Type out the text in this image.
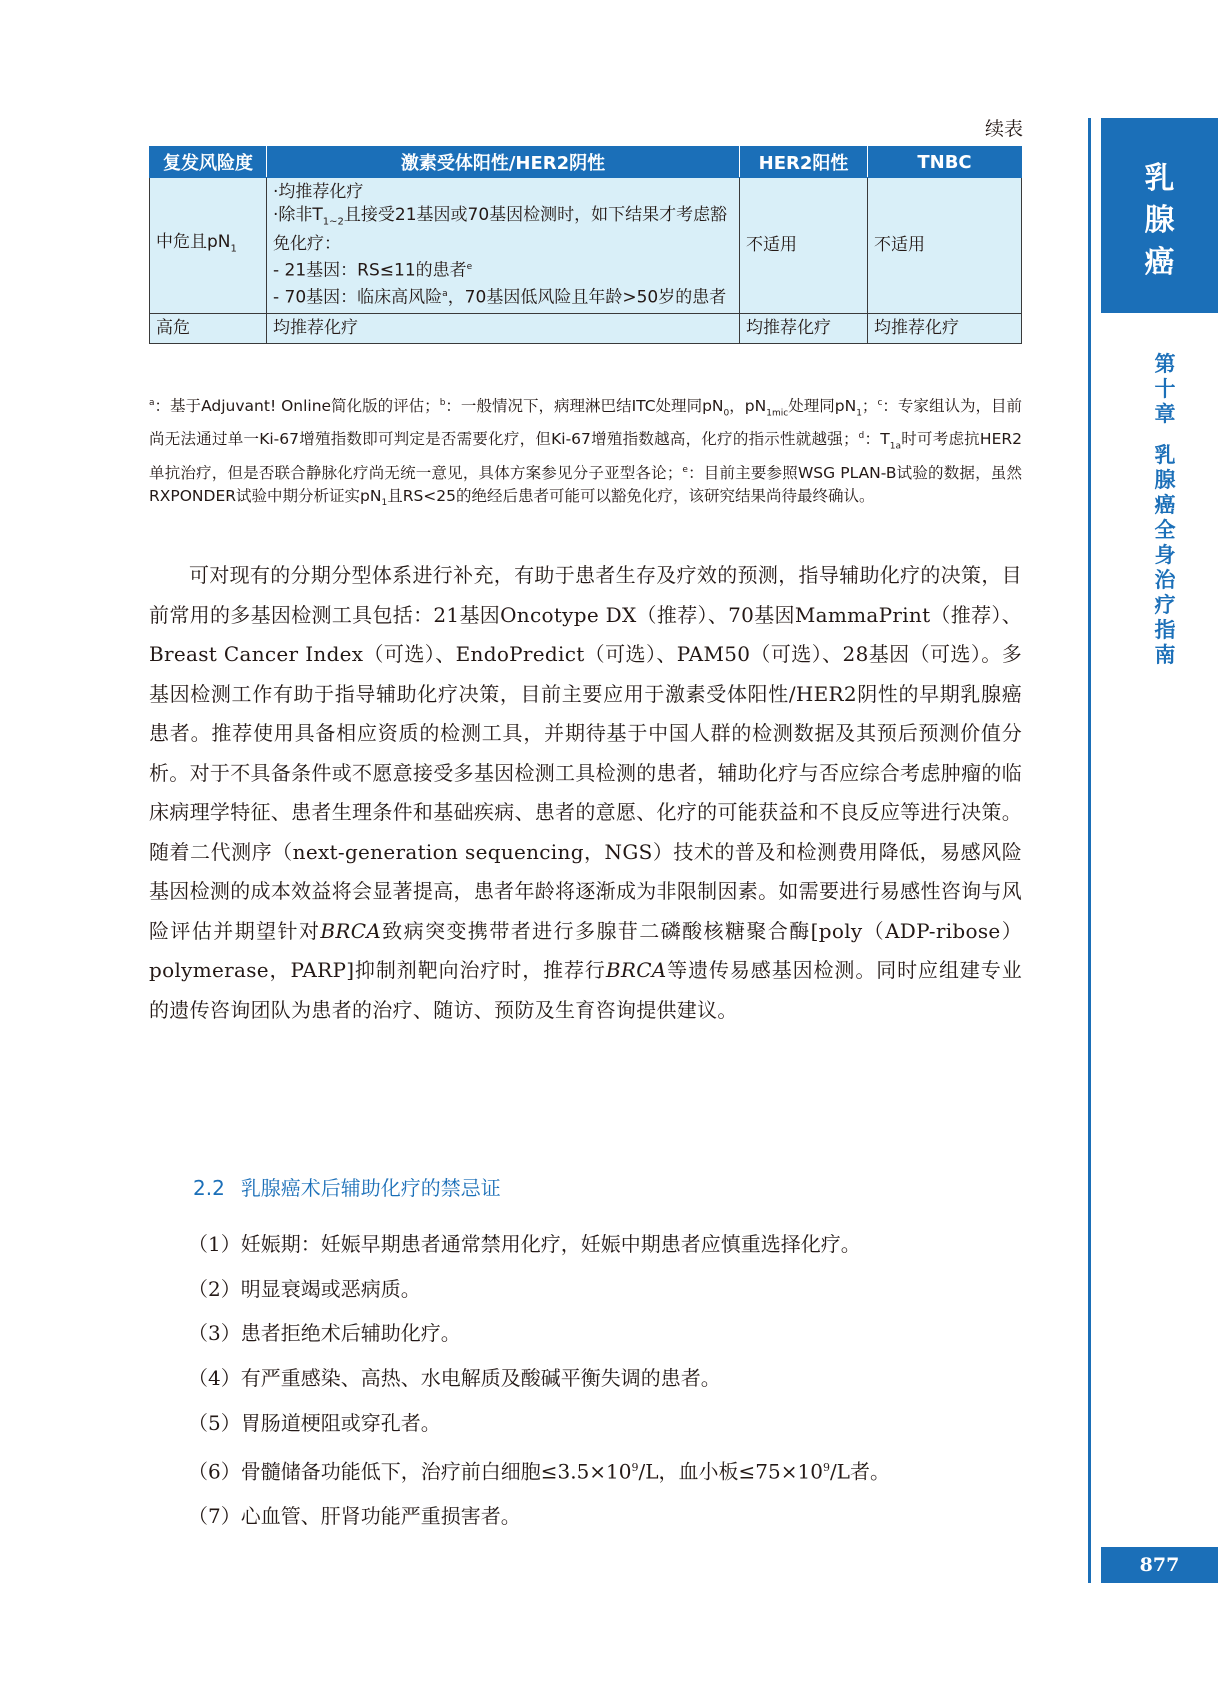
乳
腺
癌
第
十
章
乳
腺
癌
全
身
治
疗
指
南
877
续表
复发风险度	激素受体阳性/HER2阴性	HER2阳性	TNBC
中危且$pN_1$	·均推荐化疗
·除非$T_{1\sim 2}$且接受21基因或70基因检测时，如下结果才考虑豁免化疗：
- 21基因：RS≤11的患者$^e$
- 70基因：临床高风险$^a$，70基因低风险且年龄>50岁的患者	不适用	不适用
高危	均推荐化疗	均推荐化疗	均推荐化疗
$^a$：基于Adjuvant! Online简化版的评估；$^b$：一般情况下，病理淋巴结ITC处理同$pN_0$，$pN_{1mic}$处理同$pN_1$；$^c$：专家组认为，目前尚无法通过单一Ki-67增殖指数即可判定是否需要化疗，但Ki-67增殖指数越高，化疗的指示性就越强；$^d$：$T_{1a}$时可考虑抗HER2单抗治疗，但是否联合静脉化疗尚无统一意见，具体方案参见分子亚型各论；$^e$：目前主要参照WSG PLAN-B试验的数据，虽然RXPONDER试验中期分析证实$pN_1$且RS<25的绝经后患者可能可以豁免化疗，该研究结果尚待最终确认。

可对现有的分期分型体系进行补充，有助于患者生存及疗效的预测，指导辅助化疗的决策，目前常用的多基因检测工具包括：21基因Oncotype DX（推荐）、70基因MammaPrint（推荐）、Breast Cancer Index（可选）、EndoPredict（可选）、PAM50（可选）、28基因（可选）。多基因检测工作有助于指导辅助化疗决策，目前主要应用于激素受体阳性/HER2阴性的早期乳腺癌患者。推荐使用具备相应资质的检测工具，并期待基于中国人群的检测数据及其预后预测价值分析。对于不具备条件或不愿意接受多基因检测工具检测的患者，辅助化疗与否应综合考虑肿瘤的临床病理学特征、患者生理条件和基础疾病、患者的意愿、化疗的可能获益和不良反应等进行决策。随着二代测序（next-generation sequencing，NGS）技术的普及和检测费用降低，易感风险基因检测的成本效益将会显著提高，患者年龄将逐渐成为非限制因素。如需要进行易感性咨询与风险评估并期望针对BRCA致病突变携带者进行多腺苷二磷酸核糖聚合酶[poly（ADP-ribose）polymerase，PARP]抑制剂靶向治疗时，推荐行BRCA等遗传易感基因检测。同时应组建专业的遗传咨询团队为患者的治疗、随访、预防及生育咨询提供建议。

2.2 乳腺癌术后辅助化疗的禁忌证
（1）妊娠期：妊娠早期患者通常禁用化疗，妊娠中期患者应慎重选择化疗。
（2）明显衰竭或恶病质。
（3）患者拒绝术后辅助化疗。
（4）有严重感染、高热、水电解质及酸碱平衡失调的患者。
（5）胃肠道梗阻或穿孔者。
（6）骨髓储备功能低下，治疗前白细胞$\le 3.5\times 10^9/L$，血小板$\le 75\times 10^9/L$者。
（7）心血管、肝肾功能严重损害者。
